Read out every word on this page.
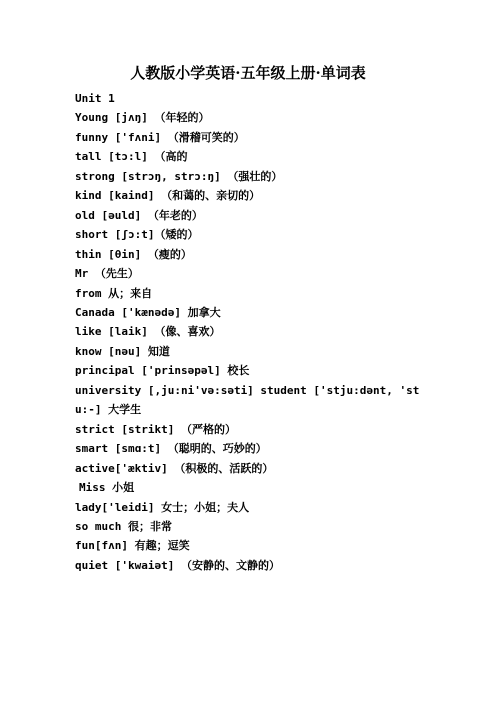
人教版小学英语·五年级上册·单词表
Unit 1
Young [jʌŋ] （年轻的）
funny ['fʌni] （滑稽可笑的）
tall [tɔ:l] （高的
strong [strɔŋ, strɔ:ŋ] （强壮的）
kind [kaind] （和蔼的、亲切的）
old [əuld] （年老的）
short [ʃɔ:t]（矮的）
thin [θin] （瘦的）
Mr （先生）
from 从；来自
Canada ['kænədə] 加拿大
like [laik] （像、喜欢）
know [nəu] 知道
principal ['prinsəpəl] 校长
university [,ju:ni'və:səti] student ['stju:dənt, 'stu:-] 大学生
strict [strikt] （严格的）
smart [smɑ:t] （聪明的、巧妙的）
active['æktiv] （积极的、活跃的）
Miss 小姐
lady['leidi] 女士；小姐；夫人
so much 很；非常
fun[fʌn] 有趣；逗笑
quiet ['kwaiət] （安静的、文静的）
